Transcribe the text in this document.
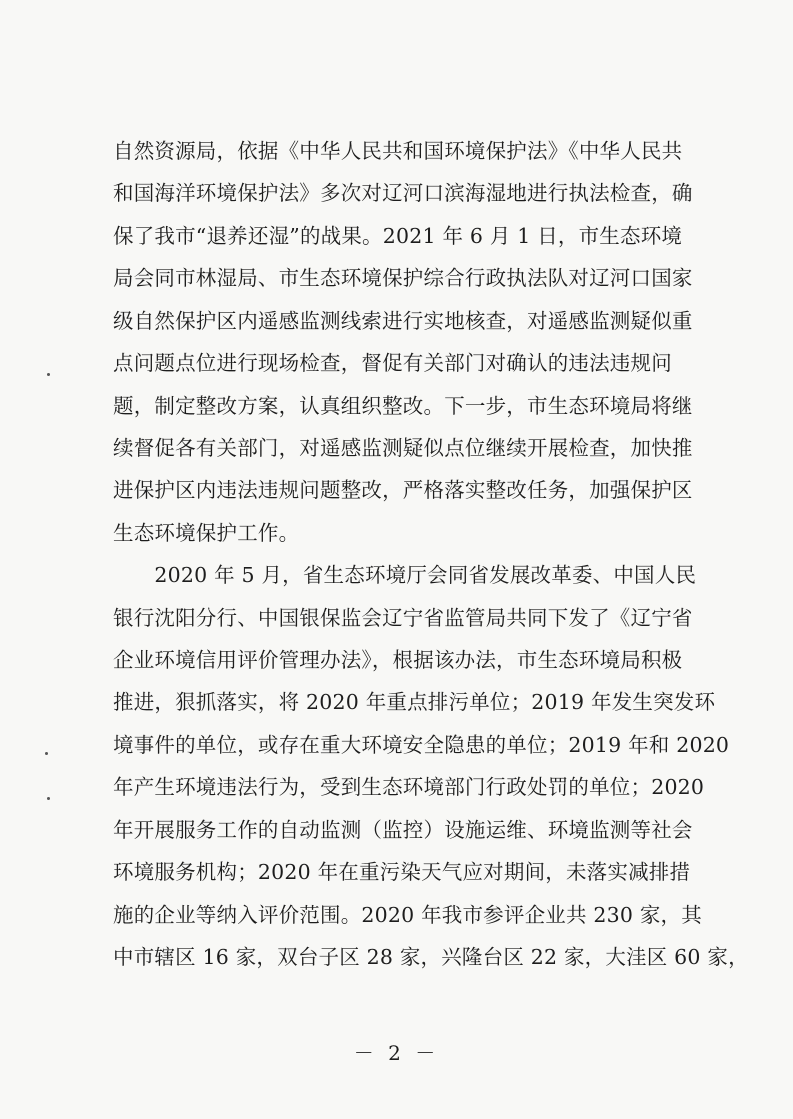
自然资源局，依据《中华人民共和国环境保护法》《中华人民共
和国海洋环境保护法》多次对辽河口滨海湿地进行执法检查，确
保了我市“退养还湿”的战果。2021 年 6 月 1 日，市生态环境
局会同市林湿局、市生态环境保护综合行政执法队对辽河口国家
级自然保护区内遥感监测线索进行实地核查，对遥感监测疑似重
点问题点位进行现场检查，督促有关部门对确认的违法违规问
题，制定整改方案，认真组织整改。下一步，市生态环境局将继
续督促各有关部门，对遥感监测疑似点位继续开展检查，加快推
进保护区内违法违规问题整改，严格落实整改任务，加强保护区
生态环境保护工作。
　　2020 年 5 月，省生态环境厅会同省发展改革委、中国人民
银行沈阳分行、中国银保监会辽宁省监管局共同下发了《辽宁省
企业环境信用评价管理办法》，根据该办法，市生态环境局积极
推进，狠抓落实，将 2020 年重点排污单位；2019 年发生突发环
境事件的单位，或存在重大环境安全隐患的单位；2019 年和 2020
年产生环境违法行为，受到生态环境部门行政处罚的单位；2020
年开展服务工作的自动监测（监控）设施运维、环境监测等社会
环境服务机构；2020 年在重污染天气应对期间，未落实减排措
施的企业等纳入评价范围。2020 年我市参评企业共 230 家，其
中市辖区 16 家，双台子区 28 家，兴隆台区 22 家，大洼区 60 家，
－ 2 －
